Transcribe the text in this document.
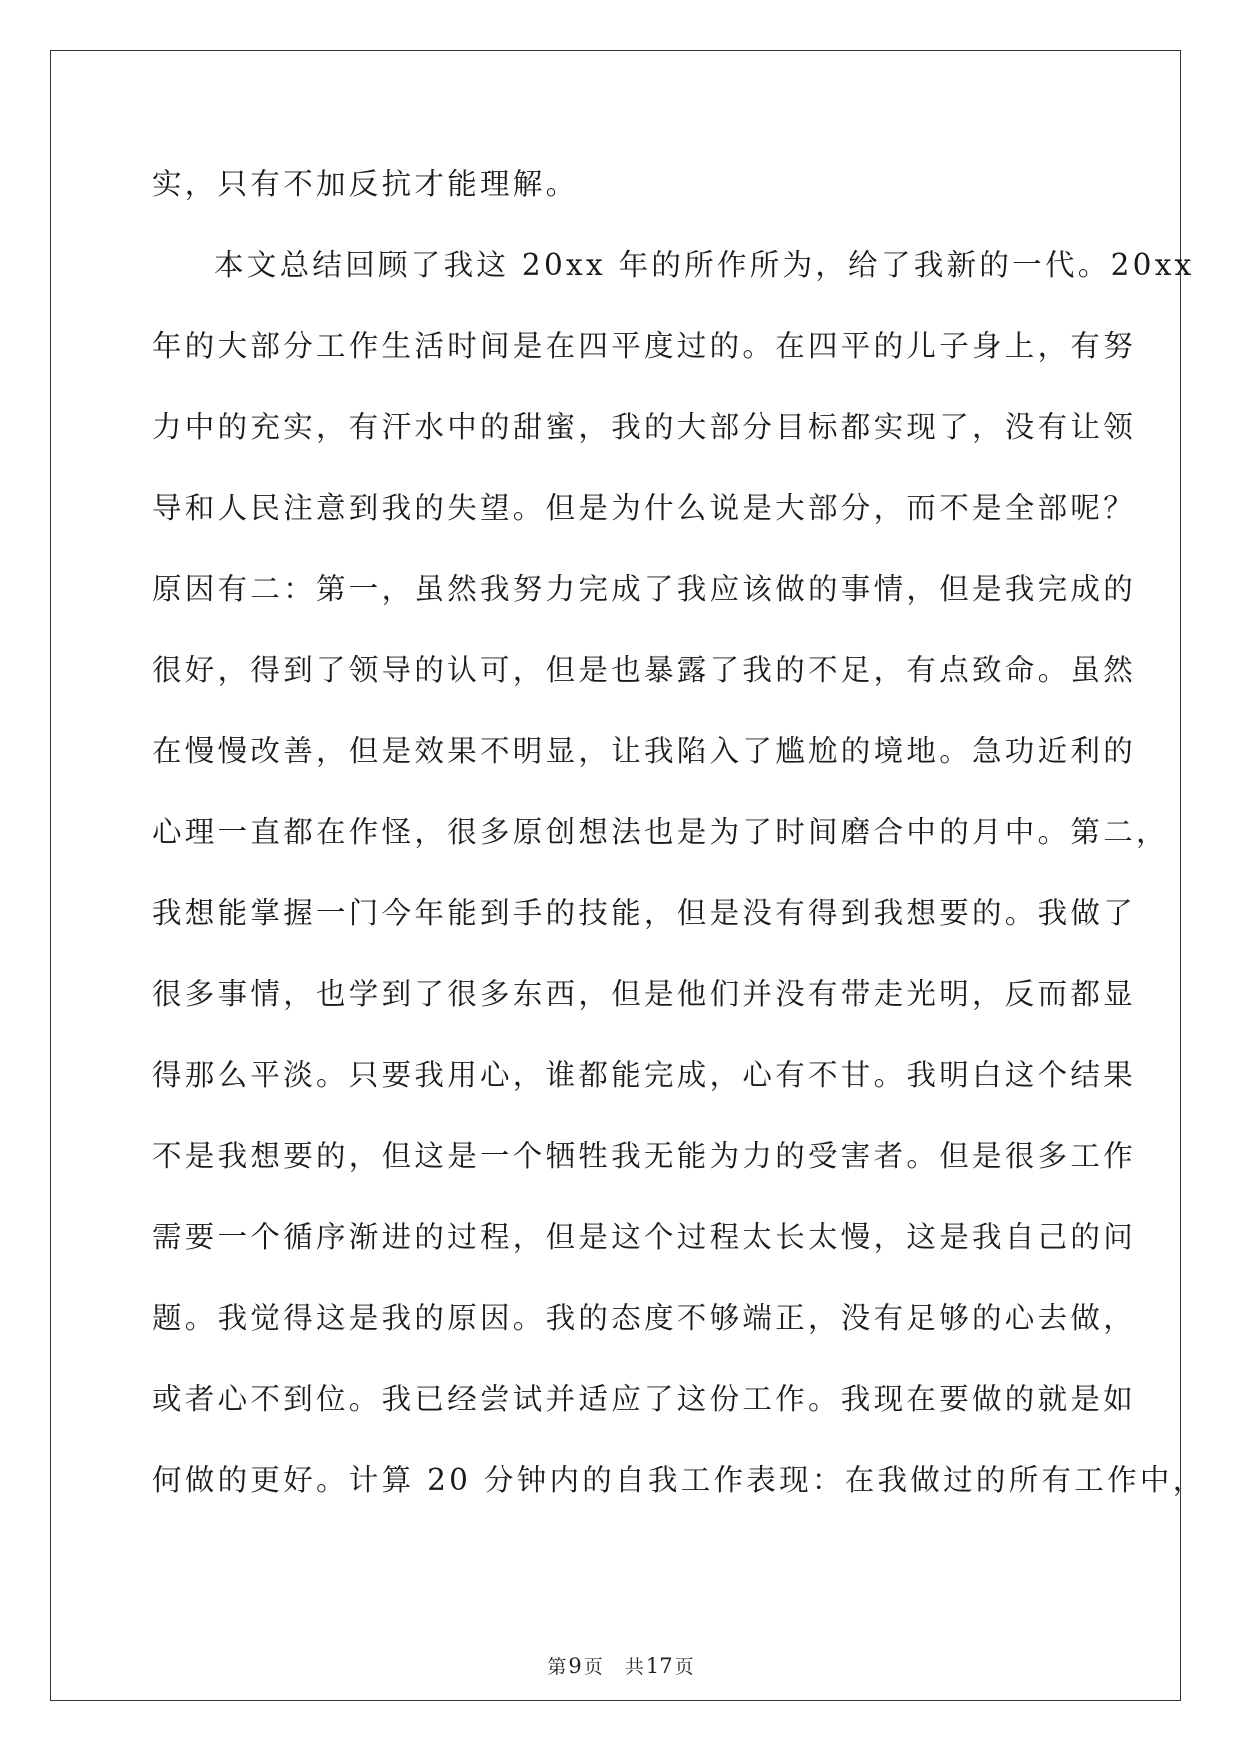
实，只有不加反抗才能理解。
本文总结回顾了我这 20xx 年的所作所为，给了我新的一代。20xx
年的大部分工作生活时间是在四平度过的。在四平的儿子身上，有努
力中的充实，有汗水中的甜蜜，我的大部分目标都实现了，没有让领
导和人民注意到我的失望。但是为什么说是大部分，而不是全部呢？
原因有二：第一，虽然我努力完成了我应该做的事情，但是我完成的
很好，得到了领导的认可，但是也暴露了我的不足，有点致命。虽然
在慢慢改善，但是效果不明显，让我陷入了尴尬的境地。急功近利的
心理一直都在作怪，很多原创想法也是为了时间磨合中的月中。第二，
我想能掌握一门今年能到手的技能，但是没有得到我想要的。我做了
很多事情，也学到了很多东西，但是他们并没有带走光明，反而都显
得那么平淡。只要我用心，谁都能完成，心有不甘。我明白这个结果
不是我想要的，但这是一个牺牲我无能为力的受害者。但是很多工作
需要一个循序渐进的过程，但是这个过程太长太慢，这是我自己的问
题。我觉得这是我的原因。我的态度不够端正，没有足够的心去做，
或者心不到位。我已经尝试并适应了这份工作。我现在要做的就是如
何做的更好。计算 20 分钟内的自我工作表现：在我做过的所有工作中，
第9 页 共17 页
